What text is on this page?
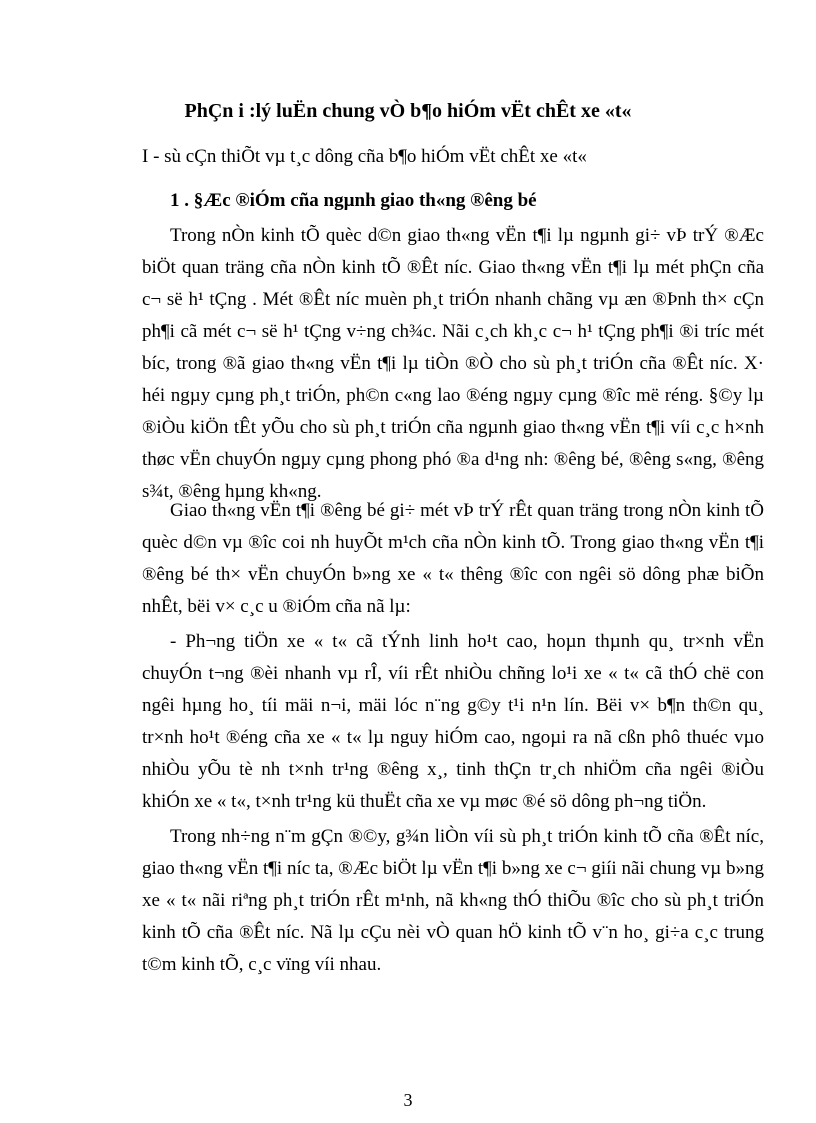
PhÇn i :lý luËn chung vÒ b¶o hiÓm vËt chÊt xe «t«
I - sù cÇn thiÕt vµ t¸c dông cña b¶o hiÓm vËt chÊt xe «t«
1 . §Æc ®iÓm cña ngµnh giao th«ng ®êng bé
Trong nÒn kinh tÕ quèc d©n giao th«ng vËn t¶i lµ ngµnh gi÷ vÞ trÝ ®Æc biÖt quan träng cña nÒn kinh tÕ ®Êt níc. Giao th«ng vËn t¶i lµ mét phÇn cña c¬ së h¹ tÇng . Mét ®Êt níc muèn ph¸t triÓn nhanh chãng vµ æn ®Þnh th× cÇn ph¶i cã mét c¬ së h¹ tÇng v÷ng ch¾c. Nãi c¸ch kh¸c c¬ h¹ tÇng ph¶i ®i tríc mét bíc, trong ®ã giao th«ng vËn t¶i lµ tiÒn ®Ò cho sù ph¸t triÓn cña ®Êt níc. X· héi ngµy cµng ph¸t triÓn, ph©n c«ng lao ®éng ngµy cµng ®îc më réng. §©y lµ ®iÒu kiÖn tÊt yÕu cho sù ph¸t triÓn cña ngµnh giao th«ng vËn t¶i víi c¸c h×nh thøc vËn chuyÓn ngµy cµng phong phó ®a d¹ng nh: ®êng bé, ®êng s«ng, ®êng s¾t, ®êng hµng kh«ng.
Giao th«ng vËn t¶i ®êng bé gi÷ mét vÞ trÝ rÊt quan träng trong nÒn kinh tÕ quèc d©n vµ ®îc coi nh huyÕt m¹ch cña nÒn kinh tÕ. Trong giao th«ng vËn t¶i ®êng bé th× vËn chuyÓn b»ng xe « t« thêng ®îc con ngêi sö dông phæ biÕn nhÊt, bëi v× c¸c u ®iÓm cña nã lµ:
- Ph¬ng tiÖn xe « t« cã tÝnh linh ho¹t cao, hoµn thµnh qu¸ tr×nh vËn chuyÓn t¬ng ®èi nhanh vµ rÎ, víi rÊt nhiÒu chñng lo¹i xe « t« cã thÓ chë con ngêi hµng ho¸ tíi mäi n¬i, mäi lóc n¨ng g©y t¹i n¹n lín. Bëi v× b¶n th©n qu¸ tr×nh ho¹t ®éng cña xe « t« lµ nguy hiÓm cao, ngoµi ra nã cßn phô thuéc vµo nhiÒu yÕu tè nh t×nh tr¹ng ®êng x¸, tinh thÇn tr¸ch nhiÖm cña ngêi ®iÒu khiÓn xe « t«, t×nh tr¹ng kü thuËt cña xe vµ møc ®é sö dông ph¬ng tiÖn.
Trong nh÷ng n¨m gÇn ®©y, g¾n liÒn víi sù ph¸t triÓn kinh tÕ cña ®Êt níc, giao th«ng vËn t¶i níc ta, ®Æc biÖt lµ vËn t¶i b»ng xe c¬ giíi nãi chung vµ b»ng xe « t« nãi riªng ph¸t triÓn rÊt m¹nh, nã kh«ng thÓ thiÕu ®îc cho sù ph¸t triÓn kinh tÕ cña ®Êt níc. Nã lµ cÇu nèi vÒ quan hÖ kinh tÕ v¨n ho¸ gi÷a c¸c trung t©m kinh tÕ, c¸c vïng víi nhau.
3
